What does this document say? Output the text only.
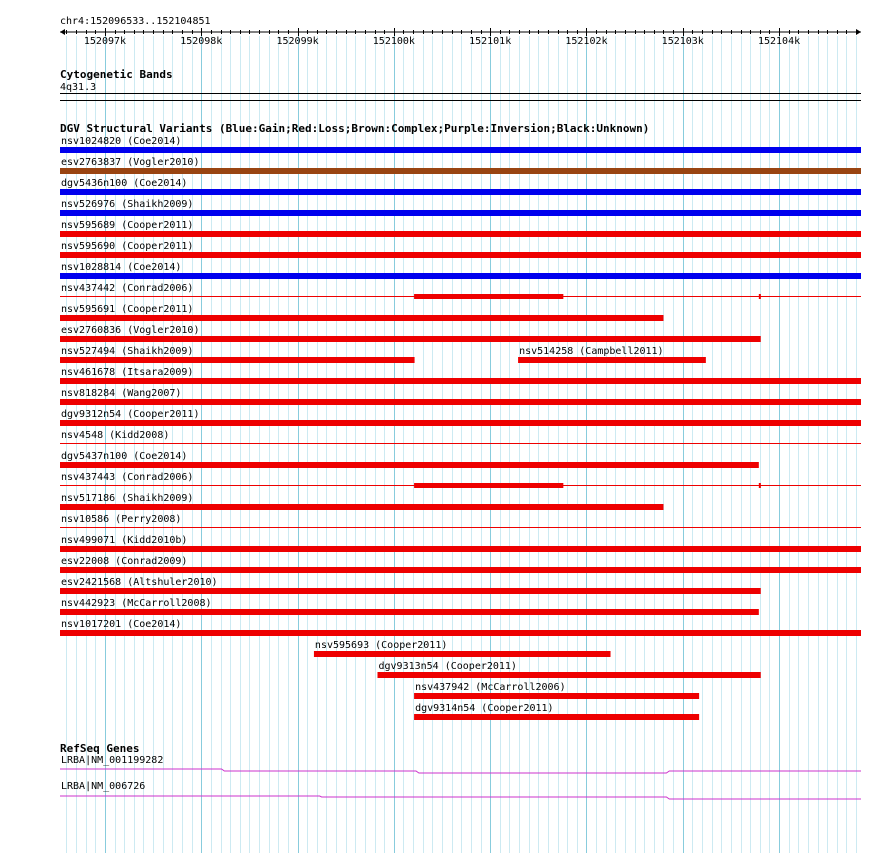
chr4:152096533..152104851
152097k	152098k	152099k	152100k	152101k	152102k	152103k	152104k
Cytogenetic Bands
4q31.3
DGV Structural Variants (Blue:Gain;Red:Loss;Brown:Complex;Purple:Inversion;Black:Unknown)
nsv1024820 (Coe2014)
esv2763837 (Vogler2010)
dgv5436n100 (Coe2014)
nsv526976 (Shaikh2009)
nsv595689 (Cooper2011)
nsv595690 (Cooper2011)
nsv1028814 (Coe2014)
nsv437442 (Conrad2006)
nsv595691 (Cooper2011)
esv2760836 (Vogler2010)
nsv527494 (Shaikh2009)	nsv514258 (Campbell2011)
nsv461678 (Itsara2009)
nsv818284 (Wang2007)
dgv9312n54 (Cooper2011)
nsv4548 (Kidd2008)
dgv5437n100 (Coe2014)
nsv437443 (Conrad2006)
nsv517186 (Shaikh2009)
nsv10586 (Perry2008)
nsv499071 (Kidd2010b)
esv22008 (Conrad2009)
esv2421568 (Altshuler2010)
nsv442923 (McCarroll2008)
nsv1017201 (Coe2014)
nsv595693 (Cooper2011)
dgv9313n54 (Cooper2011)
nsv437942 (McCarroll2006)
dgv9314n54 (Cooper2011)
RefSeq Genes
LRBA|NM_001199282
LRBA|NM_006726
